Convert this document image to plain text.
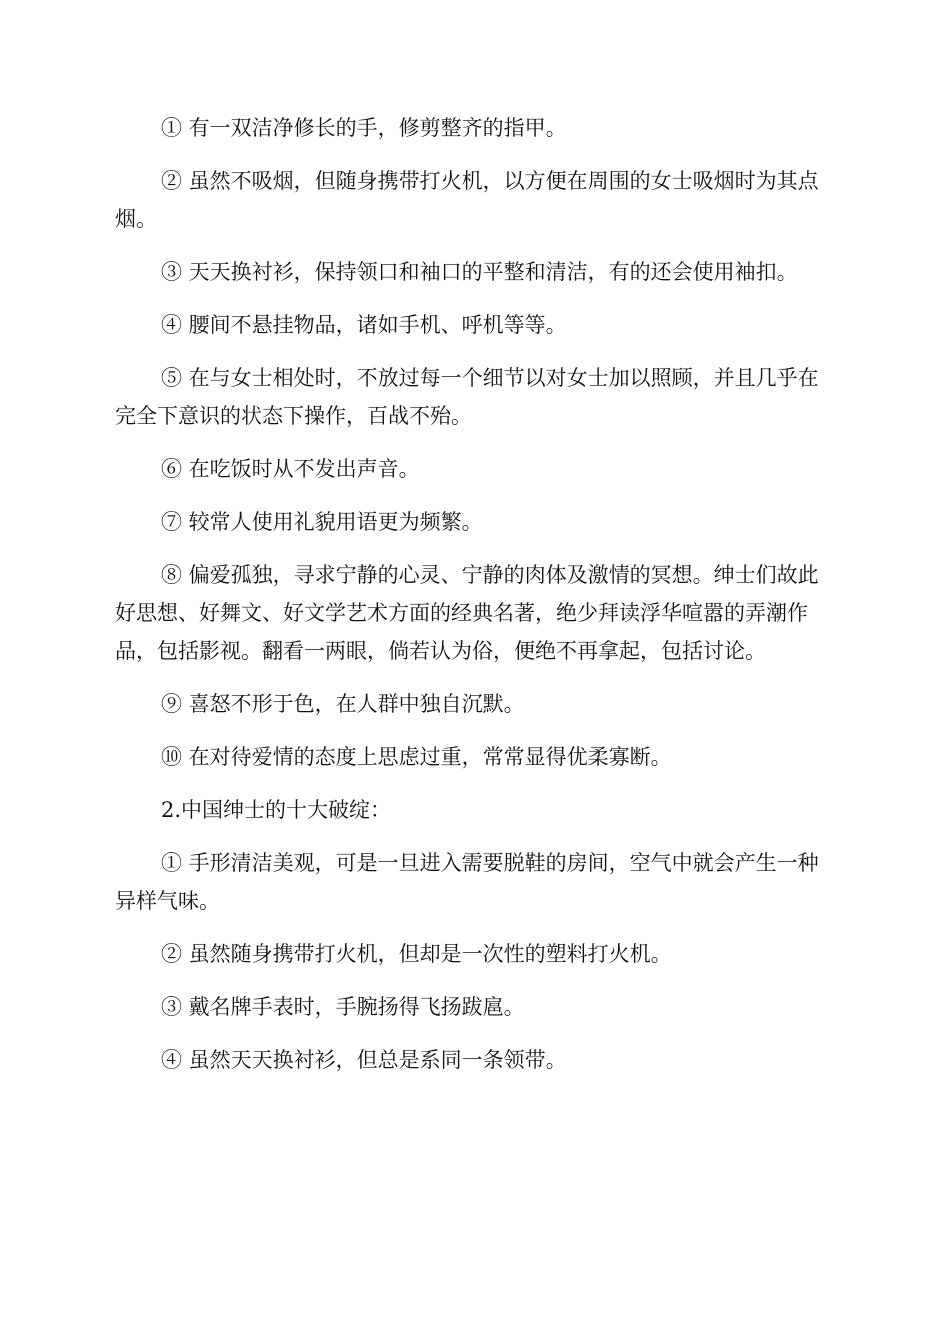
① 有一双洁净修长的手，修剪整齐的指甲。

② 虽然不吸烟，但随身携带打火机，以方便在周围的女士吸烟时为其点烟。

③ 天天换衬衫，保持领口和袖口的平整和清洁，有的还会使用袖扣。

④ 腰间不悬挂物品，诸如手机、呼机等等。

⑤ 在与女士相处时，不放过每一个细节以对女士加以照顾，并且几乎在完全下意识的状态下操作，百战不殆。

⑥ 在吃饭时从不发出声音。

⑦ 较常人使用礼貌用语更为频繁。

⑧ 偏爱孤独，寻求宁静的心灵、宁静的肉体及激情的冥想。绅士们故此好思想、好舞文、好文学艺术方面的经典名著，绝少拜读浮华喧嚣的弄潮作品，包括影视。翻看一两眼，倘若认为俗，便绝不再拿起，包括讨论。

⑨ 喜怒不形于色，在人群中独自沉默。

⑩ 在对待爱情的态度上思虑过重，常常显得优柔寡断。

2.中国绅士的十大破绽：

① 手形清洁美观，可是一旦进入需要脱鞋的房间，空气中就会产生一种异样气味。

② 虽然随身携带打火机，但却是一次性的塑料打火机。

③ 戴名牌手表时，手腕扬得飞扬跋扈。

④ 虽然天天换衬衫，但总是系同一条领带。
